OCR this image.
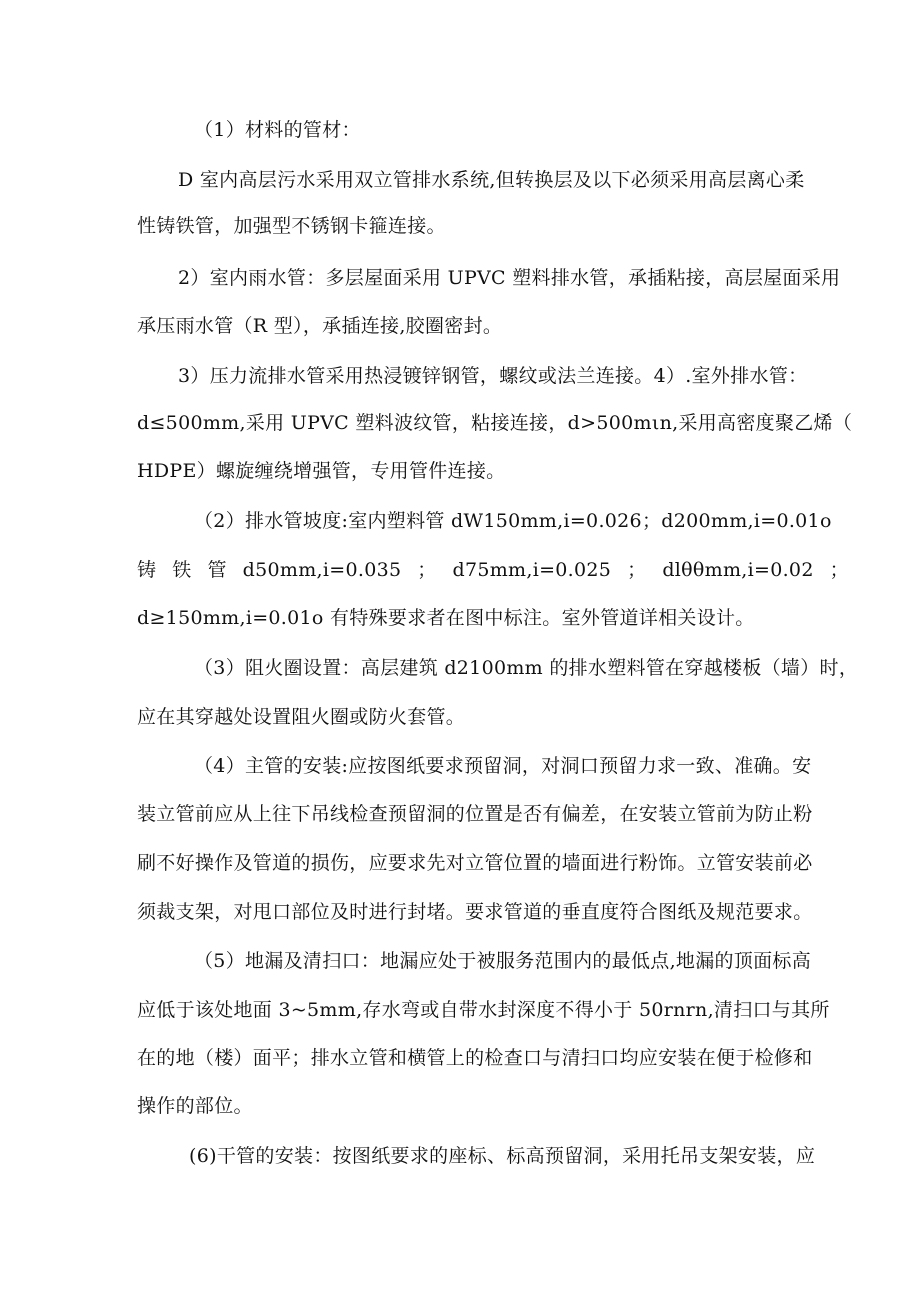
（1）材料的管材：
D 室内高层污水采用双立管排水系统,但转换层及以下必须采用高层离心柔
性铸铁管，加强型不锈钢卡箍连接。
2）室内雨水管：多层屋面采用 UPVC 塑料排水管，承插粘接，高层屋面采用
承压雨水管（R 型），承插连接,胶圈密封。
3）压力流排水管采用热浸镀锌钢管，螺纹或法兰连接。4）.室外排水管：
d≤500mm,采用 UPVC 塑料波纹管，粘接连接，d>500mιn,采用高密度聚乙烯（
HDPE）螺旋缠绕增强管，专用管件连接。
（2）排水管坡度:室内塑料管 dW150mm,i=0.026；d200mm,i=0.01o
铸 铁 管 d50mm,i=0.035 ； d75mm,i=0.025 ； dlθθmm,i=0.02 ；
d≥150mm,i=0.01o 有特殊要求者在图中标注。室外管道详相关设计。
（3）阻火圈设置：高层建筑 d2100mm 的排水塑料管在穿越楼板（墙）时，
应在其穿越处设置阻火圈或防火套管。
（4）主管的安装:应按图纸要求预留洞，对洞口预留力求一致、准确。安
装立管前应从上往下吊线检查预留洞的位置是否有偏差，在安装立管前为防止粉
刷不好操作及管道的损伤，应要求先对立管位置的墙面进行粉饰。立管安装前必
须裁支架，对甩口部位及时进行封堵。要求管道的垂直度符合图纸及规范要求。
（5）地漏及清扫口：地漏应处于被服务范围内的最低点,地漏的顶面标高
应低于该处地面 3~5mm,存水弯或自带水封深度不得小于 50rnrn,清扫口与其所
在的地（楼）面平；排水立管和横管上的检查口与清扫口均应安装在便于检修和
操作的部位。
(6)干管的安装：按图纸要求的座标、标高预留洞，采用托吊支架安装，应
